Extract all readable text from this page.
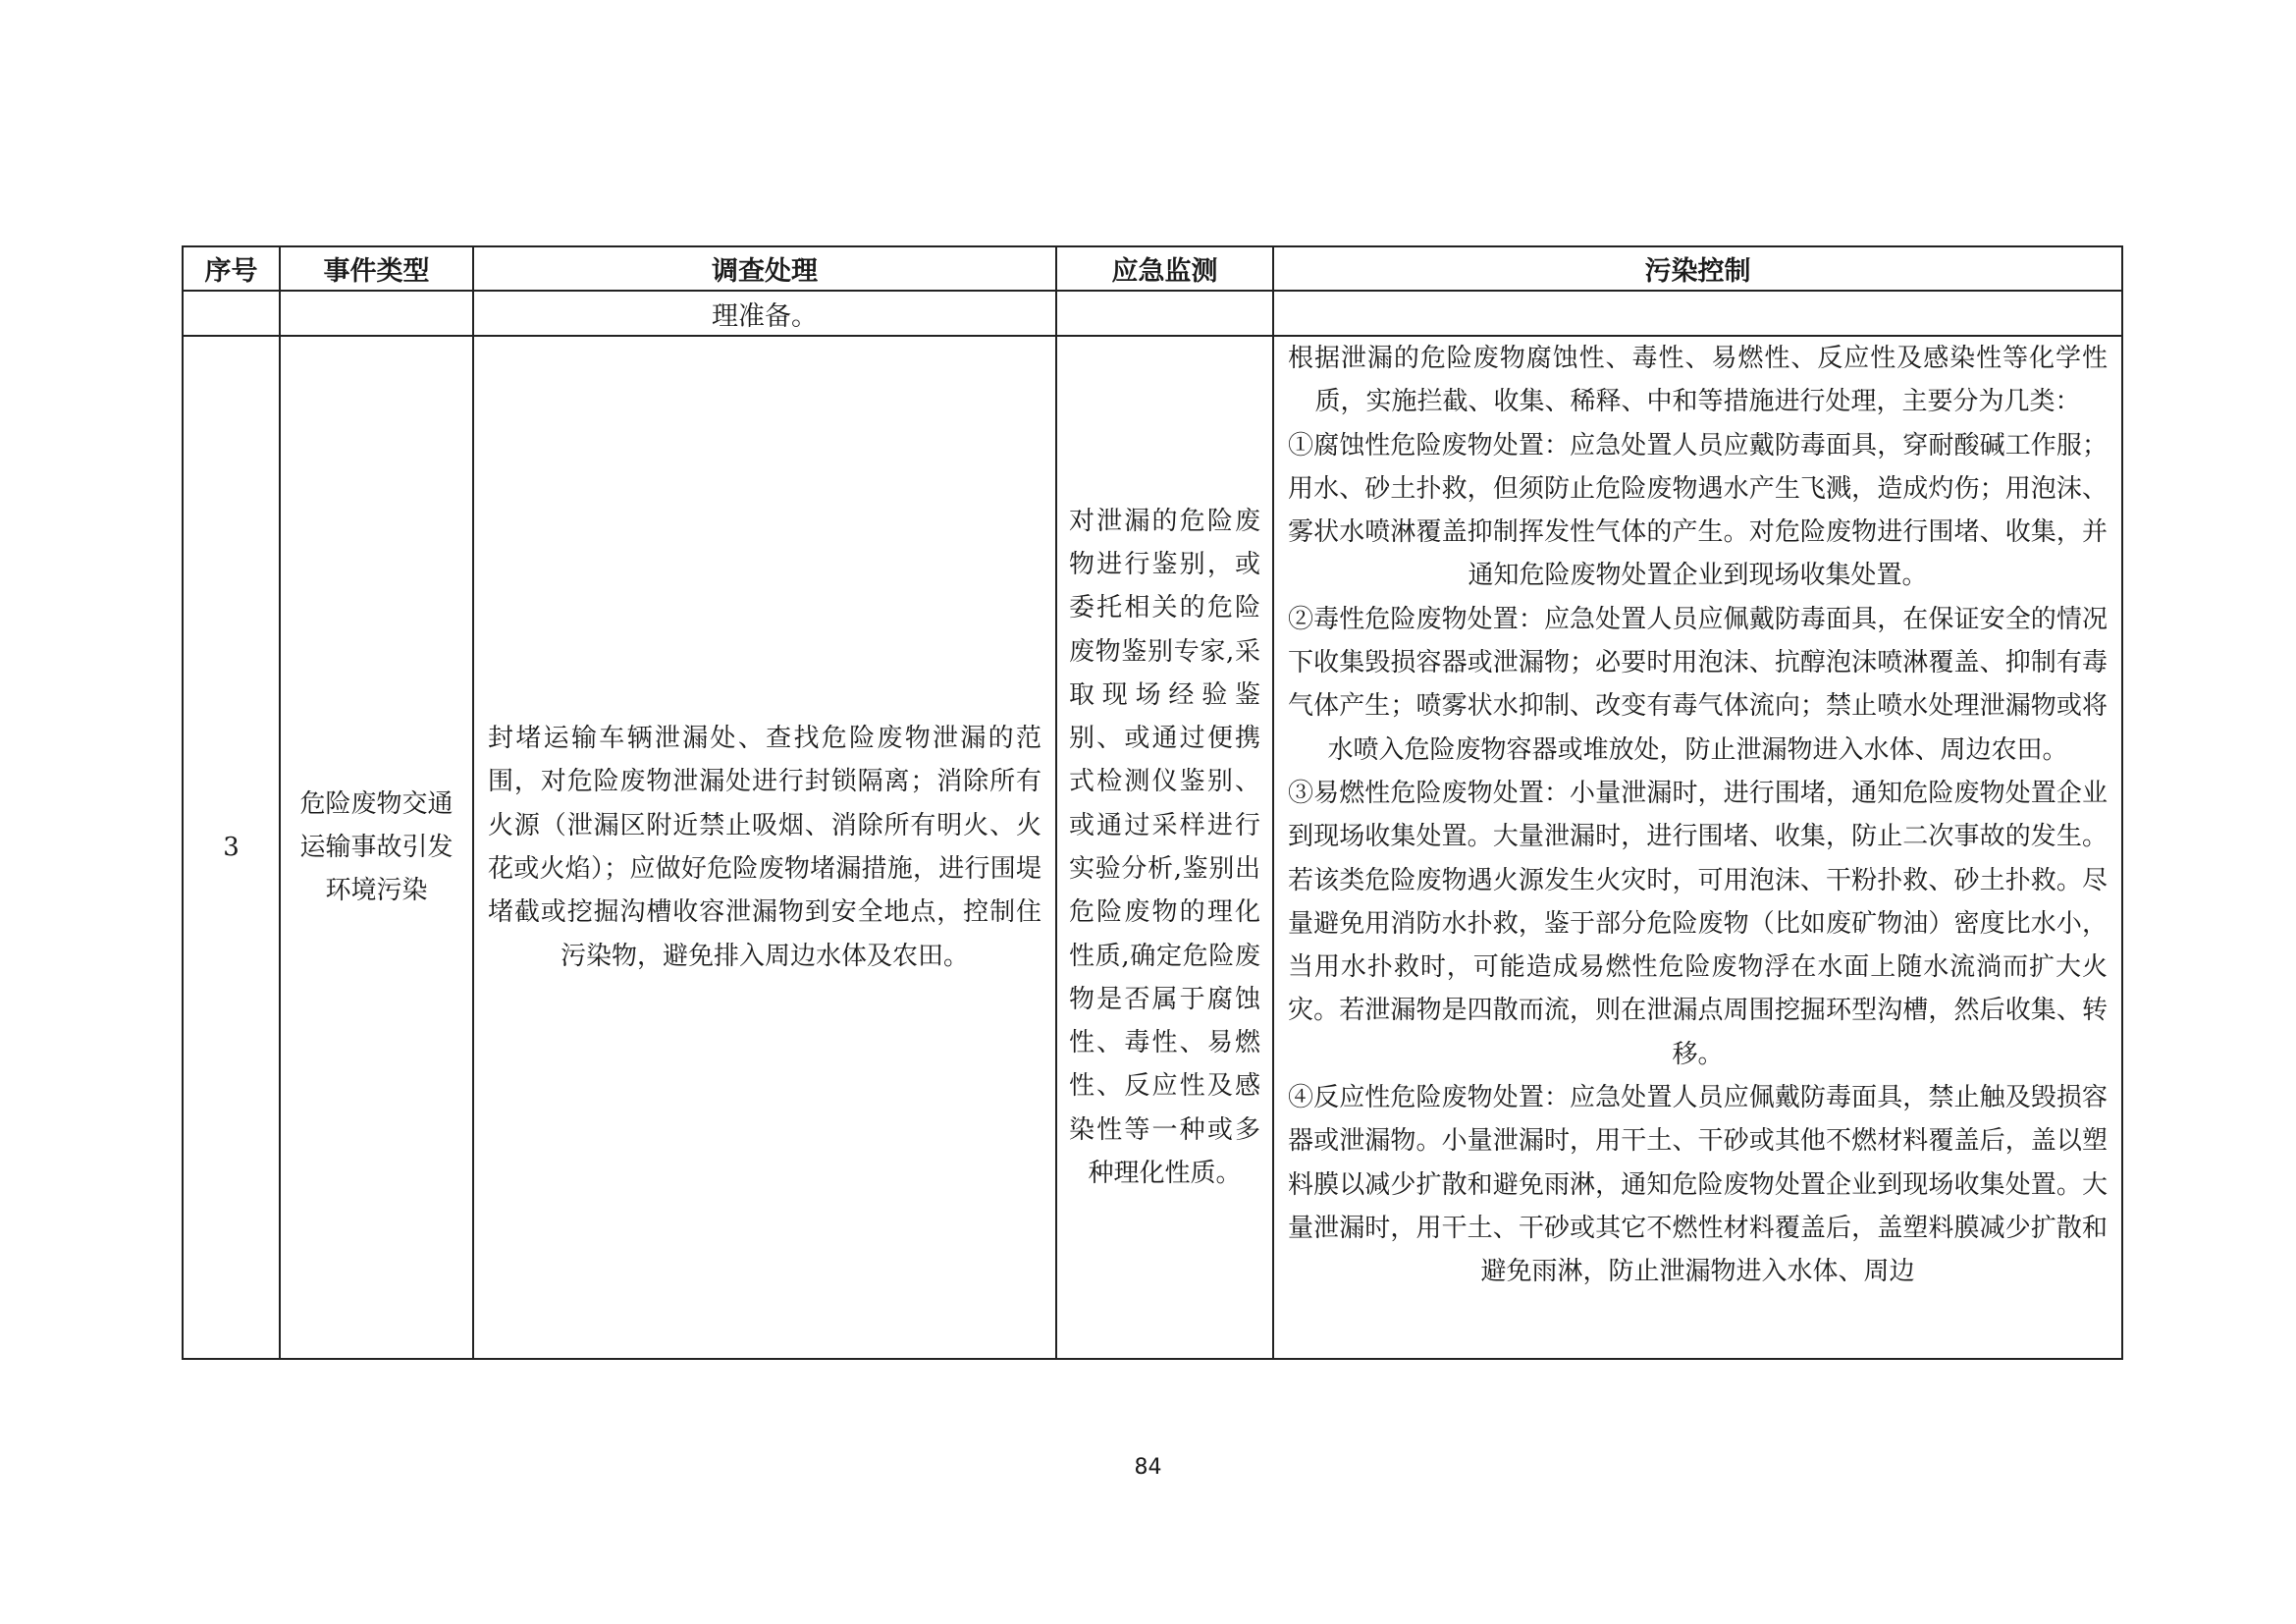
序号	事件类型	调查处理	应急监测	污染控制
		理准备。		
3	危险废物交通运输事故引发环境污染	封堵运输车辆泄漏处、查找危险废物泄漏的范围，对危险废物泄漏处进行封锁隔离；消除所有火源（泄漏区附近禁止吸烟、消除所有明火、火花或火焰）；应做好危险废物堵漏措施，进行围堤堵截或挖掘沟槽收容泄漏物到安全地点，控制住污染物，避免排入周边水体及农田。	对泄漏的危险废物进行鉴别，或委托相关的危险废物鉴别专家,采取现场经验鉴别、或通过便携式检测仪鉴别、或通过采样进行实验分析,鉴别出危险废物的理化性质,确定危险废物是否属于腐蚀性、毒性、易燃性、反应性及感染性等一种或多种理化性质。	根据泄漏的危险废物腐蚀性、毒性、易燃性、反应性及感染性等化学性质，实施拦截、收集、稀释、中和等措施进行处理，主要分为几类：

①腐蚀性危险废物处置：应急处置人员应戴防毒面具，穿耐酸碱工作服；用水、砂土扑救，但须防止危险废物遇水产生飞溅，造成灼伤；用泡沫、雾状水喷淋覆盖抑制挥发性气体的产生。对危险废物进行围堵、收集，并通知危险废物处置企业到现场收集处置。

②毒性危险废物处置：应急处置人员应佩戴防毒面具，在保证安全的情况下收集毁损容器或泄漏物；必要时用泡沫、抗醇泡沫喷淋覆盖、抑制有毒气体产生；喷雾状水抑制、改变有毒气体流向；禁止喷水处理泄漏物或将水喷入危险废物容器或堆放处，防止泄漏物进入水体、周边农田。

③易燃性危险废物处置：小量泄漏时，进行围堵，通知危险废物处置企业到现场收集处置。大量泄漏时，进行围堵、收集，防止二次事故的发生。若该类危险废物遇火源发生火灾时，可用泡沫、干粉扑救、砂土扑救。尽量避免用消防水扑救，鉴于部分危险废物（比如废矿物油）密度比水小，当用水扑救时，可能造成易燃性危险废物浮在水面上随水流淌而扩大火灾。若泄漏物是四散而流，则在泄漏点周围挖掘环型沟槽，然后收集、转移。

④反应性危险废物处置：应急处置人员应佩戴防毒面具，禁止触及毁损容器或泄漏物。小量泄漏时，用干土、干砂或其他不燃材料覆盖后，盖以塑料膜以减少扩散和避免雨淋，通知危险废物处置企业到现场收集处置。大量泄漏时，用干土、干砂或其它不燃性材料覆盖后，盖塑料膜减少扩散和避免雨淋，防止泄漏物进入水体、周边

84
